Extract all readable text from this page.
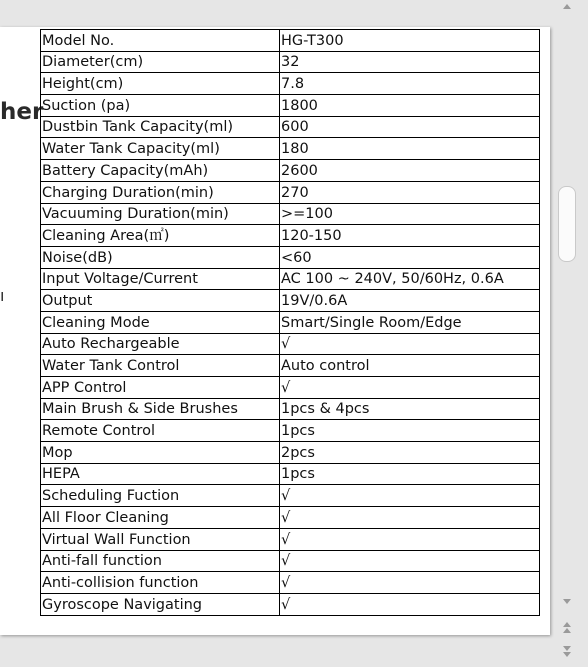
her
ı
Model No.	HG-T300
Diameter(cm)	32
Height(cm)	7.8
Suction (pa)	1800
Dustbin Tank Capacity(ml)	600
Water Tank Capacity(ml)	180
Battery Capacity(mAh)	2600
Charging Duration(min)	270
Vacuuming Duration(min)	>=100
Cleaning Area(㎡)	120-150
Noise(dB)	<60
Input Voltage/Current	AC 100 ~ 240V, 50/60Hz, 0.6A
Output	19V/0.6A
Cleaning Mode	Smart/Single Room/Edge
Auto Rechargeable	√
Water Tank Control	Auto control
APP Control	√
Main Brush & Side Brushes	1pcs & 4pcs
Remote Control	1pcs
Mop	2pcs
HEPA	1pcs
Scheduling Fuction	√
All Floor Cleaning	√
Virtual Wall Function	√
Anti-fall function	√
Anti-collision function	√
Gyroscope Navigating	√
